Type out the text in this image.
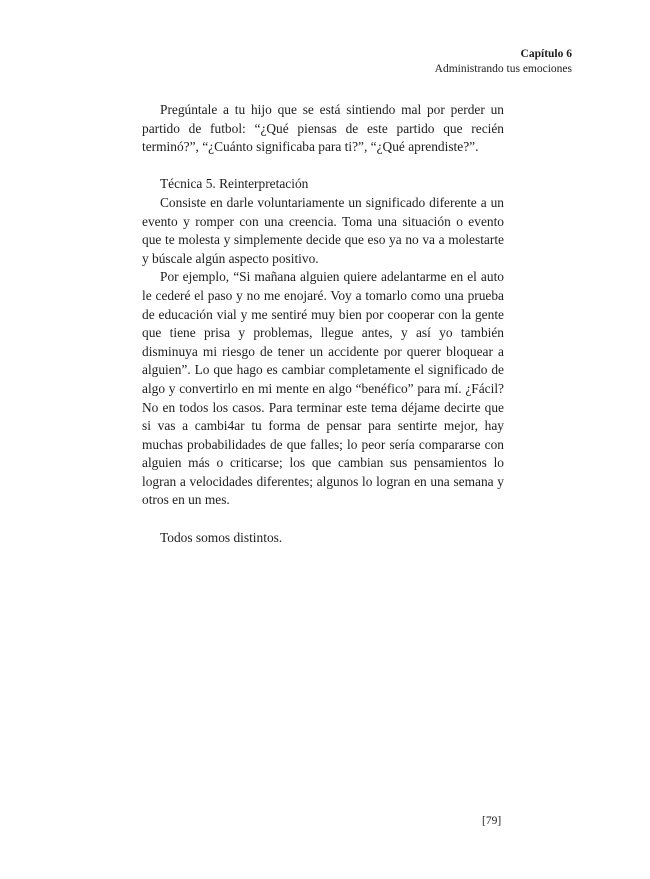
Capítulo 6
Administrando tus emociones

Pregúntale a tu hijo que se está sintiendo mal por perder un partido de futbol: “¿Qué piensas de este partido que recién terminó?”, “¿Cuánto significaba para ti?”, “¿Qué aprendiste?”.

Técnica 5. Reinterpretación

Consiste en darle voluntariamente un significado diferente a un evento y romper con una creencia. Toma una situación o evento que te molesta y simplemente decide que eso ya no va a molestarte y búscale algún aspecto positivo.

Por ejemplo, “Si mañana alguien quiere adelantarme en el auto le cederé el paso y no me enojaré. Voy a tomarlo como una prueba de educación vial y me sentiré muy bien por cooperar con la gente que tiene prisa y problemas, llegue antes, y así yo también disminuya mi riesgo de tener un accidente por querer bloquear a alguien”. Lo que hago es cambiar completamente el significado de algo y convertirlo en mi mente en algo “benéfico” para mí. ¿Fácil? No en todos los casos. Para terminar este tema déjame decirte que si vas a cambi4ar tu forma de pensar para sentirte mejor, hay muchas probabilidades de que falles; lo peor sería compararse con alguien más o criticarse; los que cambian sus pensamientos lo logran a velocidades diferentes; algunos lo logran en una semana y otros en un mes.

Todos somos distintos.

[79]
